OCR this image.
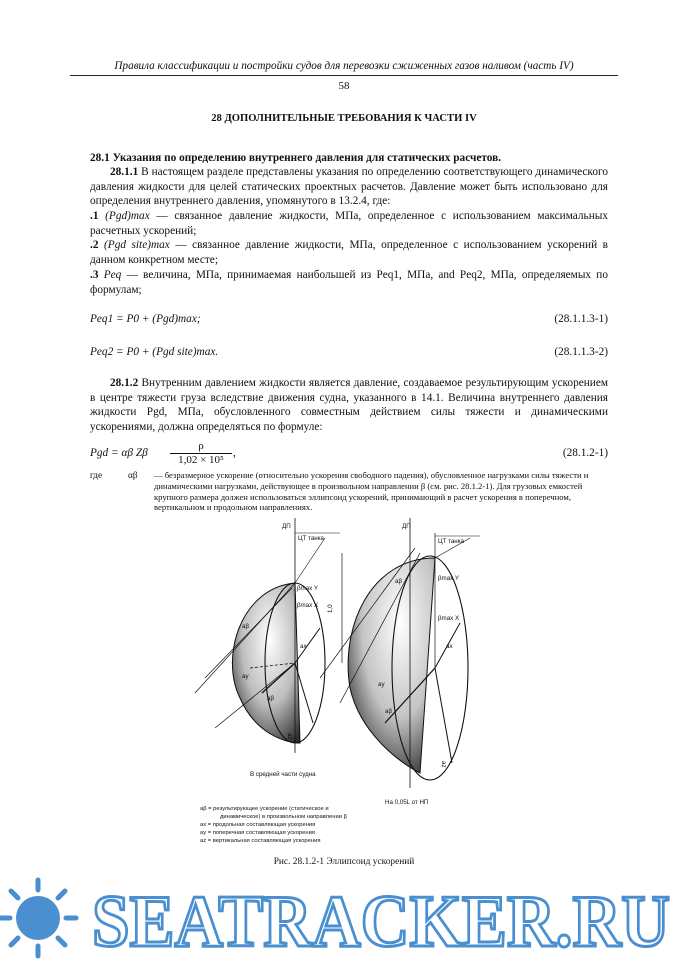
Правила классификации и постройки судов для перевозки сжиженных газов наливом (часть IV)
58
28 ДОПОЛНИТЕЛЬНЫЕ ТРЕБОВАНИЯ К ЧАСТИ IV
28.1 Указания по определению внутреннего давления для статических расчетов.
28.1.1 В настоящем разделе представлены указания по определению соответствующего динамического давления жидкости для целей статических проектных расчетов. Давление может быть использовано для определения внутреннего давления, упомянутого в 13.2.4, где:
.1 (Pgd)max — связанное давление жидкости, МПа, определенное с использованием максимальных расчетных ускорений;
.2 (Pgd site)max — связанное давление жидкости, МПа, определенное с использованием ускорений в данном конкретном месте;
.3 Peq — величина, МПа, принимаемая наибольшей из Peq1, МПа, and Peq2, МПа, определяемых по формулам;
Peq1 = P0 + (Pgd)max;	(28.1.1.3-1)
Peq2 = P0 + (Pgd site)max.	(28.1.1.3-2)
28.1.2 Внутренним давлением жидкости является давление, создаваемое результирующим ускорением в центре тяжести груза вследствие движения судна, указанного в 14.1. Величина внутреннего давления жидкости Pgd, МПа, обусловленного совместным действием силы тяжести и динамическими ускорениями, должна определяться по формуле:
Pgd = αβ Zβ $\frac{\rho}{\text{1,02 × 10⁵}}$ ,	(28.1.2-1)
где	αβ — безразмерное ускорение (относительно ускорения свободного падения), обусловленное нагрузками силы тяжести и динамическими нагрузками, действующее в произвольном направлении β (см. рис. 28.1.2-1). Для грузовых емкостей крупного размера должен использоваться эллипсоид ускорений, принимающий в расчет ускорения в поперечном, вертикальном и продольном направлениях.
ДП	ДП
ЦТ танка	ЦТ танка
1,0
βmax Y
βmax X
βmax Y
βmax X
aβ
aβ
aβ
aβ
ax	ax
ay
ay
az
az
В средней части судна
На 0,05L от НП
aβ = результирующее ускорение (статическое и
динамическое) в произвольном направлении β
ax = продольная составляющая ускорения
ay = поперечная составляющая ускорения
az = вертикальная составляющая ускорения
Рис. 28.1.2-1 Эллипсоид ускорений
SEATRACKER.RU
